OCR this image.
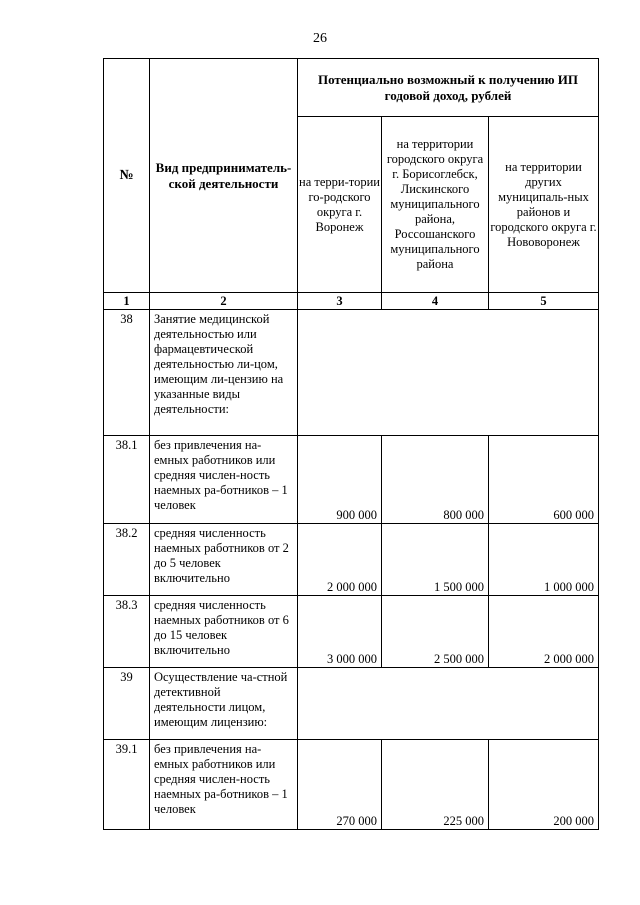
26
№	Вид предприниматель-ской деятельности	Потенциально возможный к получению ИП годовой доход, рублей		
		на терри-тории го-родского округа г. Воронеж	на территории городского округа г. Борисоглебск, Лискинского муниципального района, Россошанского муниципального района	на территории других муниципаль-ных районов и городского округа г. Нововоронеж
1	2	3	4	5
38	Занятие медицинской деятельностью или фармацевтической деятельностью ли-цом, имеющим ли-цензию на указанные виды деятельности:			
38.1	без привлечения на-емных работников или средняя числен-ность наемных ра-ботников – 1 человек	900 000	800 000	600 000
38.2	средняя численность наемных работников от 2 до 5 человек включительно	2 000 000	1 500 000	1 000 000
38.3	средняя численность наемных работников от 6 до 15 человек включительно	3 000 000	2 500 000	2 000 000
39	Осуществление ча-стной детективной деятельности лицом, имеющим лицензию:			
39.1	без привлечения на-емных работников или средняя числен-ность наемных ра-ботников – 1 человек	270 000	225 000	200 000
